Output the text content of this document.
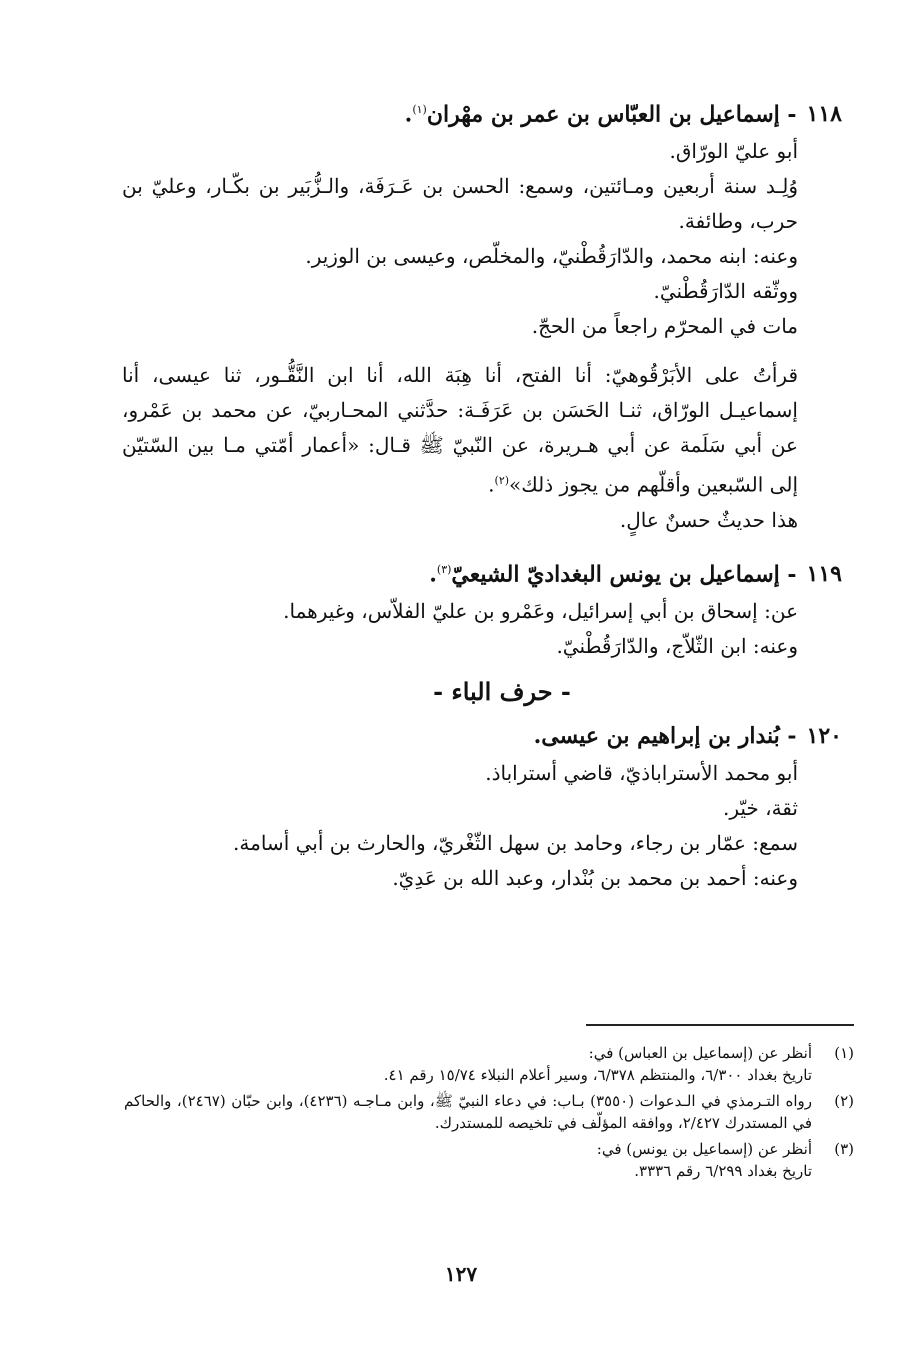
١١٨- إسماعيل بن العبّاس بن عمر بن مهْران$^{(١)}$.

أبو عليّ الورّاق.

وُلِـد سنة أربعين ومـائتين، وسمع: الحسن بن عَـرَفَة، والـزُّبَير بن بكّـار، وعليّ بن حرب، وطائفة.

وعنه: ابنه محمد، والدّارَقُطْنيّ، والمخلّص، وعيسى بن الوزير.

ووثّقه الدّارَقُطْنيّ.

مات في المحرّم راجعاً من الحجّ.

قرأتُ على الأبَرْقُوهيّ: أنا الفتح، أنا هِبَة الله، أنا ابن النَّقُّـور، ثنا عيسى، أنا إسماعيـل الورّاق، ثنـا الحَسَن بن عَرَفَـة: حدَّثني المحـاربيّ، عن محمد بن عَمْرو، عن أبي سَلَمة عن أبي هـريرة، عن النّبيّ ﷺ قـال: «أعمار أمّتي مـا بين السّتيّن إلى السّبعين وأقلّهم من يجوز ذلك»$^{(٢)}$.

هذا حديثٌ حسنٌ عالٍ.

١١٩- إسماعيل بن يونس البغداديّ الشيعيّ$^{(٣)}$.

عن: إسحاق بن أبي إسرائيل، وعَمْرو بن عليّ الفلاّس، وغيرهما.

وعنه: ابن الثّلاّج، والدّارَقُطْنيّ.

- حرف الباء -

١٢٠- بُندار بن إبراهيم بن عيسى.

أبو محمد الأستراباذيّ، قاضي أستراباذ.

ثقة، خيّر.

سمع: عمّار بن رجاء، وحامد بن سهل الثّغْريّ، والحارث بن أبي أسامة.

وعنه: أحمد بن محمد بن بُنْدار، وعبد الله بن عَدِيّ.

(١)
أنظر عن (إسماعيل بن العباس) في:
تاريخ بغداد ٦/٣٠٠، والمنتظم ٦/٣٧٨، وسير أعلام النبلاء ١٥/٧٤ رقم ٤١.
(٢)
رواه التـرمذي في الـدعوات (٣٥٥٠) بـاب: في دعاء النبيّ ﷺ، وابن مـاجـه (٤٢٣٦)، وابن حبّان (٢٤٦٧)، والحاكم في المستدرك ٢/٤٢٧، ووافقه المؤلّف في تلخيصه للمستدرك.
(٣)
أنظر عن (إسماعيل بن يونس) في:
تاريخ بغداد ٦/٢٩٩ رقم ٣٣٣٦.
١٢٧
